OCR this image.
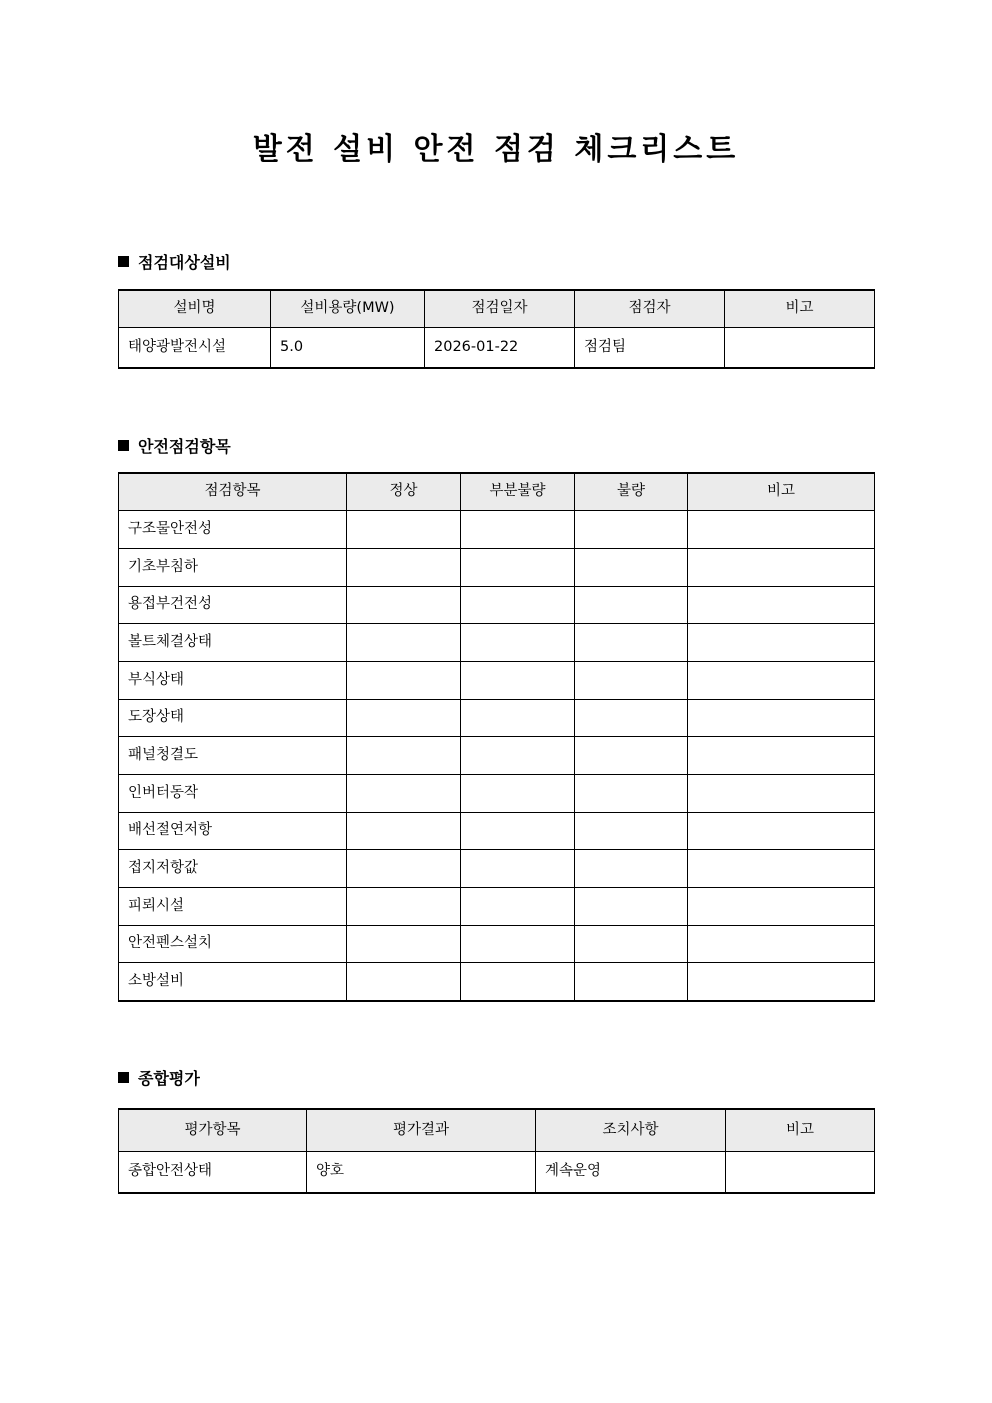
발전 설비 안전 점검 체크리스트
점검대상설비
설비명	설비용량(MW)	점검일자	점검자	비고
태양광발전시설	5.0	2026-01-22	점검팀	
안전점검항목
점검항목	정상	부분불량	불량	비고
구조물안전성				
기초부침하				
용접부건전성				
볼트체결상태				
부식상태				
도장상태				
패널청결도				
인버터동작				
배선절연저항				
접지저항값				
피뢰시설				
안전펜스설치				
소방설비				
종합평가
평가항목	평가결과	조치사항	비고
종합안전상태	양호	계속운영	
